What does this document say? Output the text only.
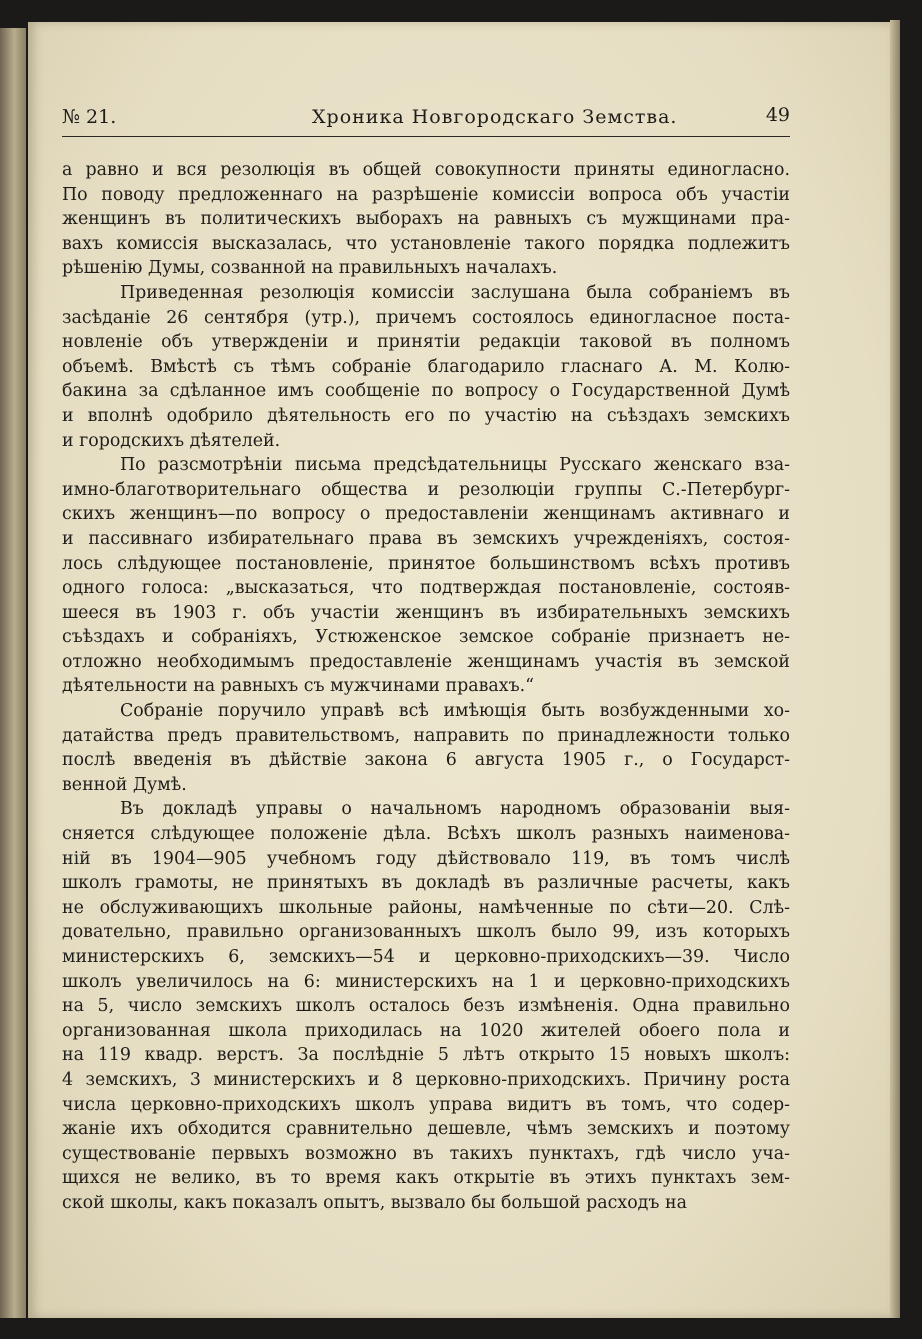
№ 21.	Хроника Новгородскаго Земства.	49
а равно и вся резолюція въ общей совокупности приняты единогласно.
По поводу предложеннаго на разрѣшеніе комиссіи вопроса объ участіи
женщинъ въ политическихъ выборахъ на равныхъ съ мужщинами пра-
вахъ комиссія высказалась, что установленіе такого порядка подлежитъ
рѣшенію Думы, созванной на правильныхъ началахъ.
Приведенная резолюція комиссіи заслушана была собраніемъ въ
засѣданіе 26 сентября (утр.), причемъ состоялось единогласное поста-
новленіе объ утвержденіи и принятіи редакціи таковой въ полномъ
объемѣ. Вмѣстѣ съ тѣмъ собраніе благодарило гласнаго А. М. Колю-
бакина за сдѣланное имъ сообщеніе по вопросу о Государственной Думѣ
и вполнѣ одобрило дѣятельность его по участію на съѣздахъ земскихъ
и городскихъ дѣятелей.
По разсмотрѣніи письма предсѣдательницы Русскаго женскаго вза-
имно-благотворительнаго общества и резолюціи группы С.-Петербург-
скихъ женщинъ—по вопросу о предоставленіи женщинамъ активнаго и
и пассивнаго избирательнаго права въ земскихъ учрежденіяхъ, состоя-
лось слѣдующее постановленіе, принятое большинствомъ всѣхъ противъ
одного голоса: „высказаться, что подтверждая постановленіе, состояв-
шееся въ 1903 г. объ участіи женщинъ въ избирательныхъ земскихъ
съѣздахъ и собраніяхъ, Устюженское земское собраніе признаетъ не-
отложно необходимымъ предоставленіе женщинамъ участія въ земской
дѣятельности на равныхъ съ мужчинами правахъ.“
Собраніе поручило управѣ всѣ имѣющія быть возбужденными хо-
датайства предъ правительствомъ, направить по принадлежности только
послѣ введенія въ дѣйствіе закона 6 августа 1905 г., о Государст-
венной Думѣ.
Въ докладѣ управы о начальномъ народномъ образованіи выя-
сняется слѣдующее положеніе дѣла. Всѣхъ школъ разныхъ наименова-
ній въ 1904—905 учебномъ году дѣйствовало 119, въ томъ числѣ
школъ грамоты, не принятыхъ въ докладѣ въ различные расчеты, какъ
не обслуживающихъ школьные районы, намѣченные по сѣти—20. Слѣ-
довательно, правильно организованныхъ школъ было 99, изъ которыхъ
министерскихъ 6, земскихъ—54 и церковно-приходскихъ—39. Число
школъ увеличилось на 6: министерскихъ на 1 и церковно-приходскихъ
на 5, число земскихъ школъ осталось безъ измѣненія. Одна правильно
организованная школа приходилась на 1020 жителей обоего пола и
на 119 квадр. верстъ. За послѣдніе 5 лѣтъ открыто 15 новыхъ школъ:
4 земскихъ, 3 министерскихъ и 8 церковно-приходскихъ. Причину роста
числа церковно-приходскихъ школъ управа видитъ въ томъ, что содер-
жаніе ихъ обходится сравнительно дешевле, чѣмъ земскихъ и поэтому
существованіе первыхъ возможно въ такихъ пунктахъ, гдѣ число уча-
щихся не велико, въ то время какъ открытіе въ этихъ пунктахъ зем-
ской школы, какъ показалъ опытъ, вызвало бы большой расходъ на
